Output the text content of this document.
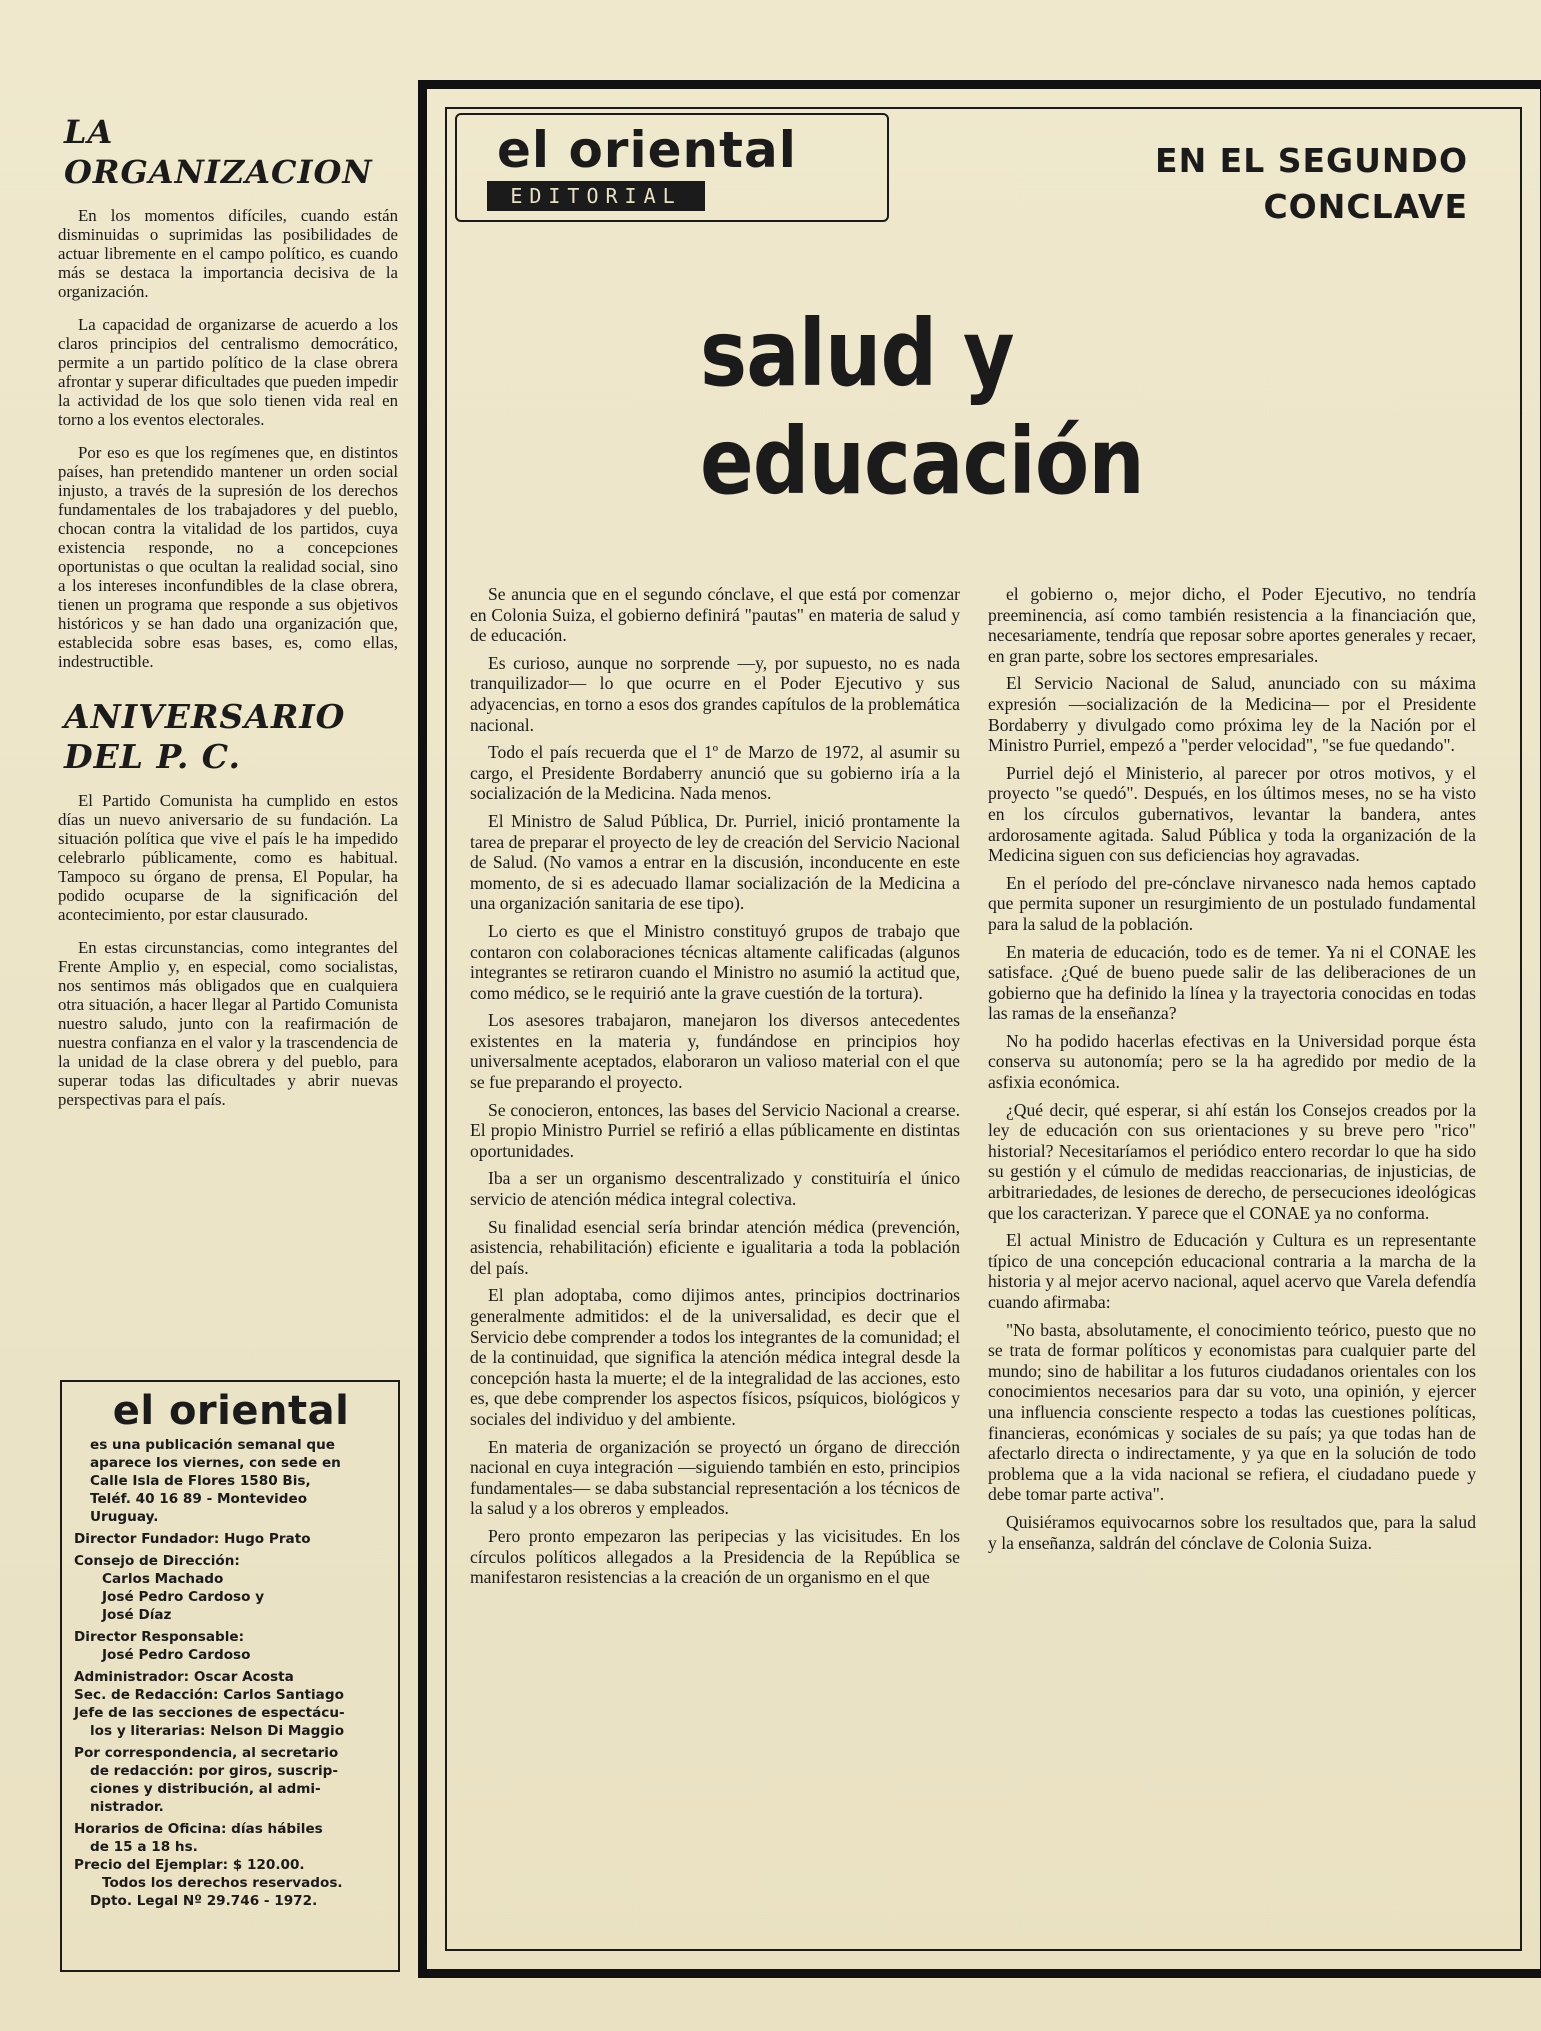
LA
ORGANIZACION

En los momentos difíciles, cuando están disminuidas o suprimidas las posibilidades de actuar libremente en el campo político, es cuando más se destaca la importancia decisiva de la organización.

La capacidad de organizarse de acuerdo a los claros principios del centralismo democrático, permite a un partido político de la clase obrera afrontar y superar dificultades que pueden impedir la actividad de los que solo tienen vida real en torno a los eventos electorales.

Por eso es que los regímenes que, en distintos países, han pretendido mantener un orden social injusto, a través de la supresión de los derechos fundamentales de los trabajadores y del pueblo, chocan contra la vitalidad de los partidos, cuya existencia responde, no a concepciones oportunistas o que ocultan la realidad social, sino a los intereses inconfundibles de la clase obrera, tienen un programa que responde a sus objetivos históricos y se han dado una organización que, establecida sobre esas bases, es, como ellas, indestructible.

ANIVERSARIO
DEL P. C.

El Partido Comunista ha cumplido en estos días un nuevo aniversario de su fundación. La situación política que vive el país le ha impedido celebrarlo públicamente, como es habitual. Tampoco su órgano de prensa, El Popular, ha podido ocuparse de la significación del acontecimiento, por estar clausurado.

En estas circunstancias, como integrantes del Frente Amplio y, en especial, como socialistas, nos sentimos más obligados que en cualquiera otra situación, a hacer llegar al Partido Comunista nuestro saludo, junto con la reafirmación de nuestra confianza en el valor y la trascendencia de la unidad de la clase obrera y del pueblo, para superar todas las dificultades y abrir nuevas perspectivas para el país.

el oriental
es una publicación semanal que
aparece los viernes, con sede en
Calle Isla de Flores 1580 Bis,
Teléf. 40 16 89 - Montevideo
Uruguay.
Director Fundador: Hugo Prato
Consejo de Dirección:
Carlos Machado
José Pedro Cardoso y
José Díaz
Director Responsable:
José Pedro Cardoso
Administrador: Oscar Acosta
Sec. de Redacción: Carlos Santiago
Jefe de las secciones de espectácu-
los y literarias: Nelson Di Maggio
Por correspondencia, al secretario
de redacción: por giros, suscrip-
ciones y distribución, al admi-
nistrador.
Horarios de Oficina: días hábiles
de 15 a 18 hs.
Precio del Ejemplar: $ 120.00.
Todos los derechos reservados.
Dpto. Legal Nº 29.746 - 1972.
el oriental
EDITORIAL
EN EL SEGUNDO
CONCLAVE
salud y
educación

Se anuncia que en el segundo cónclave, el que está por comenzar en Colonia Suiza, el gobierno definirá "pautas" en materia de salud y de educación.

Es curioso, aunque no sorprende —y, por supuesto, no es nada tranquilizador— lo que ocurre en el Poder Ejecutivo y sus adyacencias, en torno a esos dos grandes capítulos de la problemática nacional.

Todo el país recuerda que el 1º de Marzo de 1972, al asumir su cargo, el Presidente Bordaberry anunció que su gobierno iría a la socialización de la Medicina. Nada menos.

El Ministro de Salud Pública, Dr. Purriel, inició prontamente la tarea de preparar el proyecto de ley de creación del Servicio Nacional de Salud. (No vamos a entrar en la discusión, inconducente en este momento, de si es adecuado llamar socialización de la Medicina a una organización sanitaria de ese tipo).

Lo cierto es que el Ministro constituyó grupos de trabajo que contaron con colaboraciones técnicas altamente calificadas (algunos integrantes se retiraron cuando el Ministro no asumió la actitud que, como médico, se le requirió ante la grave cuestión de la tortura).

Los asesores trabajaron, manejaron los diversos antecedentes existentes en la materia y, fundándose en principios hoy universalmente aceptados, elaboraron un valioso material con el que se fue preparando el proyecto.

Se conocieron, entonces, las bases del Servicio Nacional a crearse. El propio Ministro Purriel se refirió a ellas públicamente en distintas oportunidades.

Iba a ser un organismo descentralizado y constituiría el único servicio de atención médica integral colectiva.

Su finalidad esencial sería brindar atención médica (prevención, asistencia, rehabilitación) eficiente e igualitaria a toda la población del país.

El plan adoptaba, como dijimos antes, principios doctrinarios generalmente admitidos: el de la universalidad, es decir que el Servicio debe comprender a todos los integrantes de la comunidad; el de la continuidad, que significa la atención médica integral desde la concepción hasta la muerte; el de la integralidad de las acciones, esto es, que debe comprender los aspectos físicos, psíquicos, biológicos y sociales del individuo y del ambiente.

En materia de organización se proyectó un órgano de dirección nacional en cuya integración —siguiendo también en esto, principios fundamentales— se daba substancial representación a los técnicos de la salud y a los obreros y empleados.

Pero pronto empezaron las peripecias y las vicisitudes. En los círculos políticos allegados a la Presidencia de la República se manifestaron resistencias a la creación de un organismo en el que

el gobierno o, mejor dicho, el Poder Ejecutivo, no tendría preeminencia, así como también resistencia a la financiación que, necesariamente, tendría que reposar sobre aportes generales y recaer, en gran parte, sobre los sectores empresariales.

El Servicio Nacional de Salud, anunciado con su máxima expresión —socialización de la Medicina— por el Presidente Bordaberry y divulgado como próxima ley de la Nación por el Ministro Purriel, empezó a "perder velocidad", "se fue quedando".

Purriel dejó el Ministerio, al parecer por otros motivos, y el proyecto "se quedó". Después, en los últimos meses, no se ha visto en los círculos gubernativos, levantar la bandera, antes ardorosamente agitada. Salud Pública y toda la organización de la Medicina siguen con sus deficiencias hoy agravadas.

En el período del pre-cónclave nirvanesco nada hemos captado que permita suponer un resurgimiento de un postulado fundamental para la salud de la población.

En materia de educación, todo es de temer. Ya ni el CONAE les satisface. ¿Qué de bueno puede salir de las deliberaciones de un gobierno que ha definido la línea y la trayectoria conocidas en todas las ramas de la enseñanza?

No ha podido hacerlas efectivas en la Universidad porque ésta conserva su autonomía; pero se la ha agredido por medio de la asfixia económica.

¿Qué decir, qué esperar, si ahí están los Consejos creados por la ley de educación con sus orientaciones y su breve pero "rico" historial? Necesitaríamos el periódico entero recordar lo que ha sido su gestión y el cúmulo de medidas reaccionarias, de injusticias, de arbitrariedades, de lesiones de derecho, de persecuciones ideológicas que los caracterizan. Y parece que el CONAE ya no conforma.

El actual Ministro de Educación y Cultura es un representante típico de una concepción educacional contraria a la marcha de la historia y al mejor acervo nacional, aquel acervo que Varela defendía cuando afirmaba:

"No basta, absolutamente, el conocimiento teórico, puesto que no se trata de formar políticos y economistas para cualquier parte del mundo; sino de habilitar a los futuros ciudadanos orientales con los conocimientos necesarios para dar su voto, una opinión, y ejercer una influencia consciente respecto a todas las cuestiones políticas, financieras, económicas y sociales de su país; ya que todas han de afectarlo directa o indirectamente, y ya que en la solución de todo problema que a la vida nacional se refiera, el ciudadano puede y debe tomar parte activa".

Quisiéramos equivocarnos sobre los resultados que, para la salud y la enseñanza, saldrán del cónclave de Colonia Suiza.
